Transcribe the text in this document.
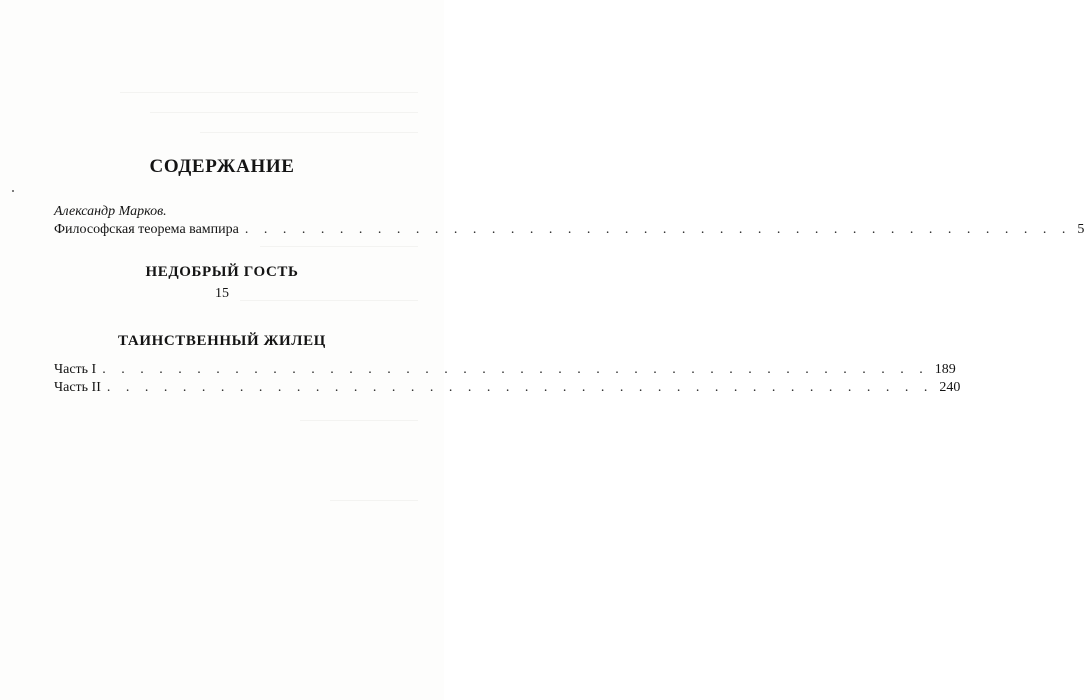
СОДЕРЖАНИЕ
Александр Марков.
Философская теорема вампира . . . . . . . . . . . . . . . . . . . . . . . . . . . . . . . . . . . . . . . . . . . . 5
НЕДОБРЫЙ ГОСТЬ
15
ТАИНСТВЕННЫЙ ЖИЛЕЦ
Часть I . . . . . . . . . . . . . . . . . . . . . . . . . . . . . . . . . . . . . . . . . . . . 189
Часть II . . . . . . . . . . . . . . . . . . . . . . . . . . . . . . . . . . . . . . . . . . . . 240
